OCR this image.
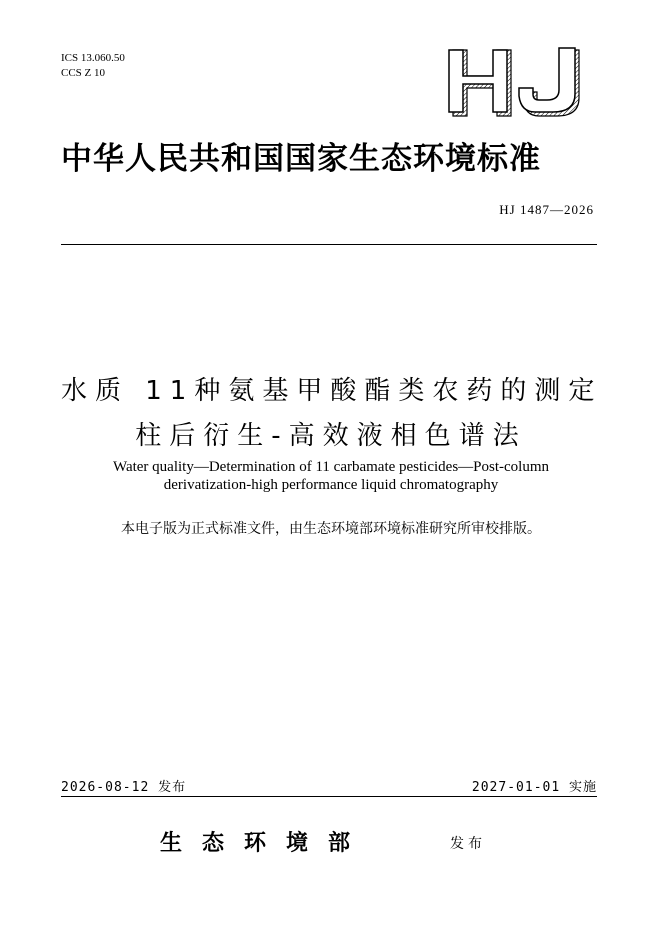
ICS 13.060.50
CCS Z 10
中华人民共和国国家生态环境标准
HJ 1487—2026
水质 11种氨基甲酸酯类农药的测定
柱后衍生-高效液相色谱法
Water quality—Determination of 11 carbamate pesticides—Post-column
derivatization-high performance liquid chromatography
本电子版为正式标准文件，由生态环境部环境标准研究所审校排版。
2026-08-12 发布	2027-01-01 实施
生态环境部	发布
